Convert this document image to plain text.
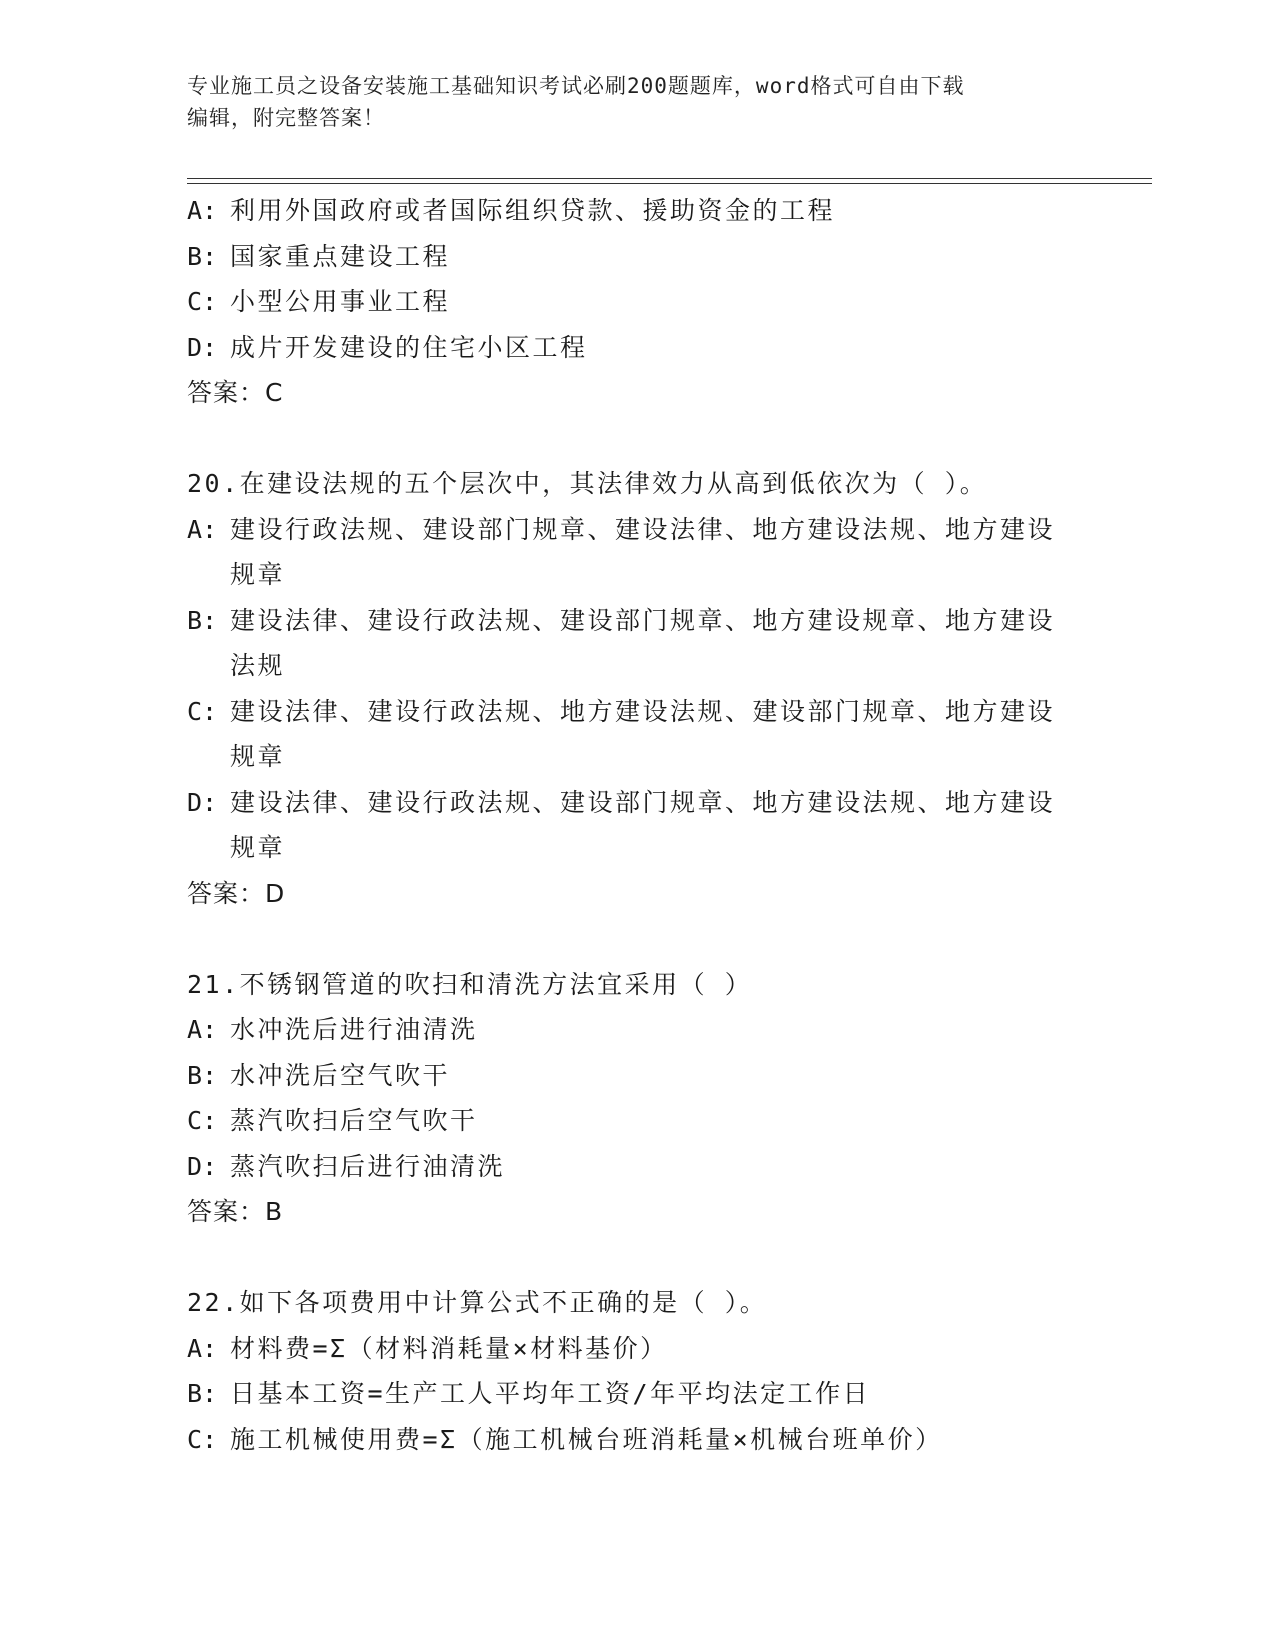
专业施工员之设备安装施工基础知识考试必刷200题题库，word格式可自由下载
编辑，附完整答案！
A: 利用外国政府或者国际组织贷款、援助资金的工程
B: 国家重点建设工程
C: 小型公用事业工程
D: 成片开发建设的住宅小区工程
答案：C
20.在建设法规的五个层次中，其法律效力从高到低依次为（ ）。
A: 建设行政法规、建设部门规章、建设法律、地方建设法规、地方建设规章
B: 建设法律、建设行政法规、建设部门规章、地方建设规章、地方建设法规
C: 建设法律、建设行政法规、地方建设法规、建设部门规章、地方建设规章
D: 建设法律、建设行政法规、建设部门规章、地方建设法规、地方建设规章
答案：D
21.不锈钢管道的吹扫和清洗方法宜采用（ ）
A: 水冲洗后进行油清洗
B: 水冲洗后空气吹干
C: 蒸汽吹扫后空气吹干
D: 蒸汽吹扫后进行油清洗
答案：B
22.如下各项费用中计算公式不正确的是（ ）。
A: 材料费=Σ（材料消耗量×材料基价）
B: 日基本工资=生产工人平均年工资/年平均法定工作日
C: 施工机械使用费=Σ（施工机械台班消耗量×机械台班单价）
